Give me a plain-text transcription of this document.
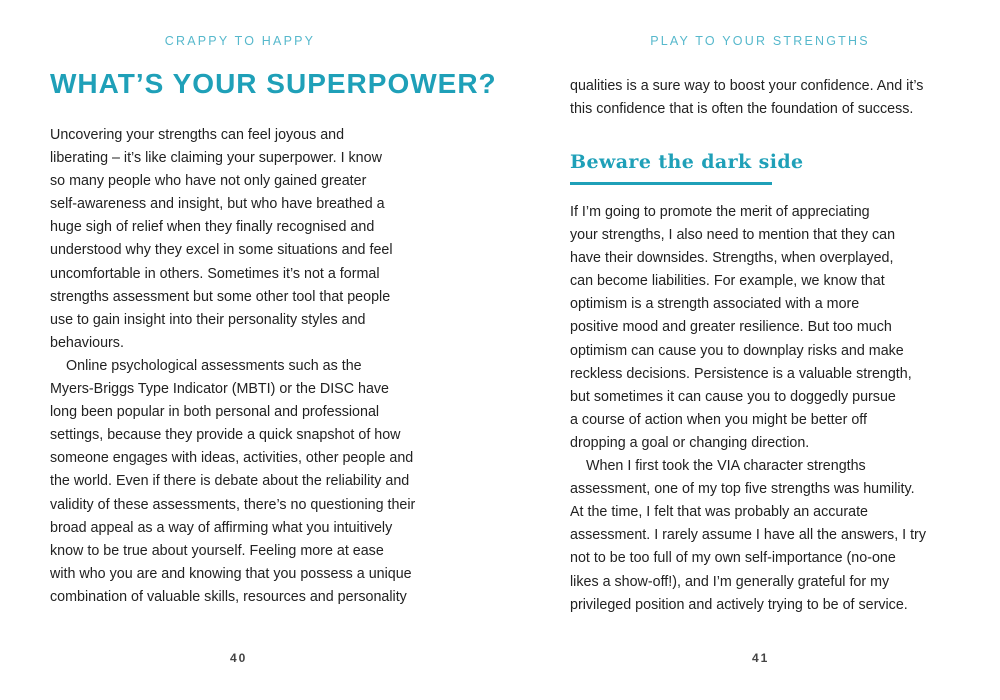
CRAPPY TO HAPPY
WHAT’S YOUR SUPERPOWER?

Uncovering your strengths can feel joyous and
liberating – it’s like claiming your superpower. I know
so many people who have not only gained greater
self-awareness and insight, but who have breathed a
huge sigh of relief when they finally recognised and
understood why they excel in some situations and feel
uncomfortable in others. Sometimes it’s not a formal
strengths assessment but some other tool that people
use to gain insight into their personality styles and
behaviours.
Online psychological assessments such as the
Myers-Briggs Type Indicator (MBTI) or the DISC have
long been popular in both personal and professional
settings, because they provide a quick snapshot of how
someone engages with ideas, activities, other people and
the world. Even if there is debate about the reliability and
validity of these assessments, there’s no questioning their
broad appeal as a way of affirming what you intuitively
know to be true about yourself. Feeling more at ease
with who you are and knowing that you possess a unique
combination of valuable skills, resources and personality

40
PLAY TO YOUR STRENGTHS

qualities is a sure way to boost your confidence. And it’s
this confidence that is often the foundation of success.

Beware the dark side

If I’m going to promote the merit of appreciating
your strengths, I also need to mention that they can
have their downsides. Strengths, when overplayed,
can become liabilities. For example, we know that
optimism is a strength associated with a more
positive mood and greater resilience. But too much
optimism can cause you to downplay risks and make
reckless decisions. Persistence is a valuable strength,
but sometimes it can cause you to doggedly pursue
a course of action when you might be better off
dropping a goal or changing direction.
When I first took the VIA character strengths
assessment, one of my top five strengths was humility.
At the time, I felt that was probably an accurate
assessment. I rarely assume I have all the answers, I try
not to be too full of my own self-importance (no-one
likes a show-off!), and I’m generally grateful for my
privileged position and actively trying to be of service.

41
